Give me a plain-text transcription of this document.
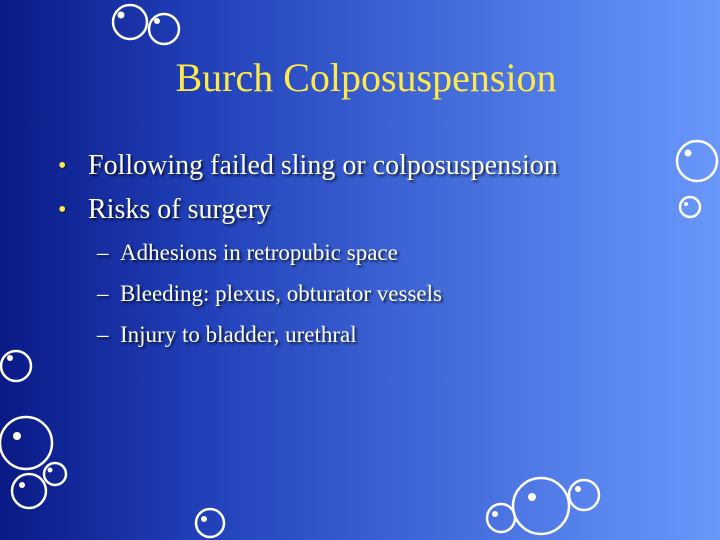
Burch Colposuspension
• Following failed sling or colposuspension
• Risks of surgery
– Adhesions in retropubic space
– Bleeding: plexus, obturator vessels
– Injury to bladder, urethral
